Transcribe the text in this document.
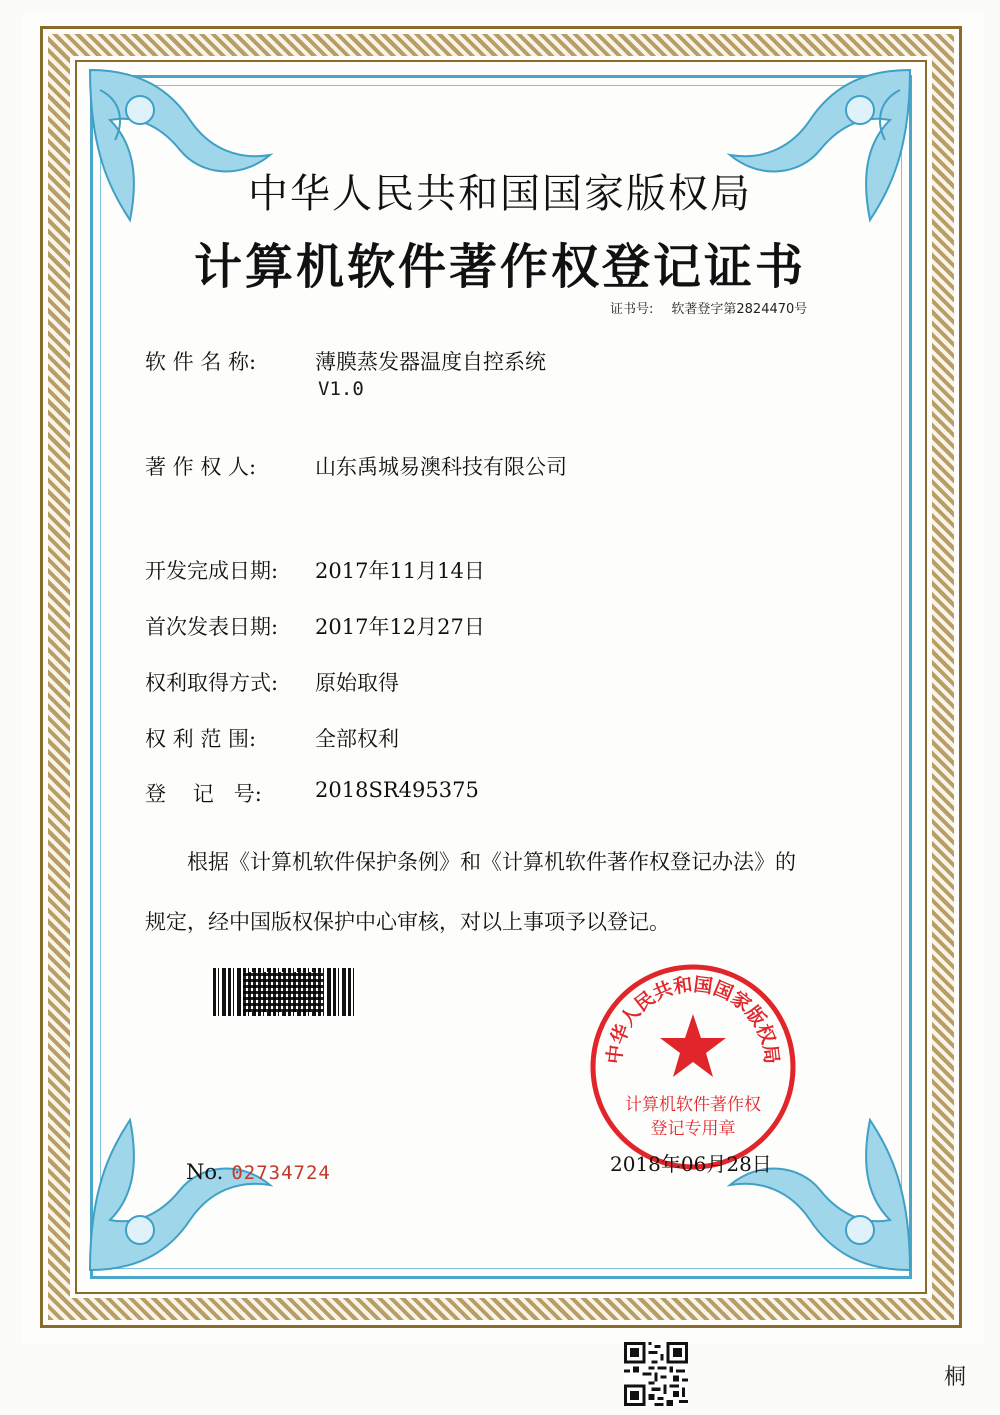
中华人民共和国国家版权局
计算机软件著作权登记证书
证书号: 软著登字第2824470号
软 件 名 称:	薄膜蒸发器温度自控系统
V1.0
著 作 权 人:	山东禹城易澳科技有限公司
开发完成日期: 2017年11月14日
首次发表日期: 2017年12月27日
权利取得方式: 原始取得
权 利 范 围:	全部权利
登    记   号:	2018SR495375
根据《计算机软件保护条例》和《计算机软件著作权登记办法》的
规定，经中国版权保护中心审核，对以上事项予以登记。
中华人民共和国国家版权局
计算机软件著作权
登记专用章
No. 02734724	2018年06月28日
桐
